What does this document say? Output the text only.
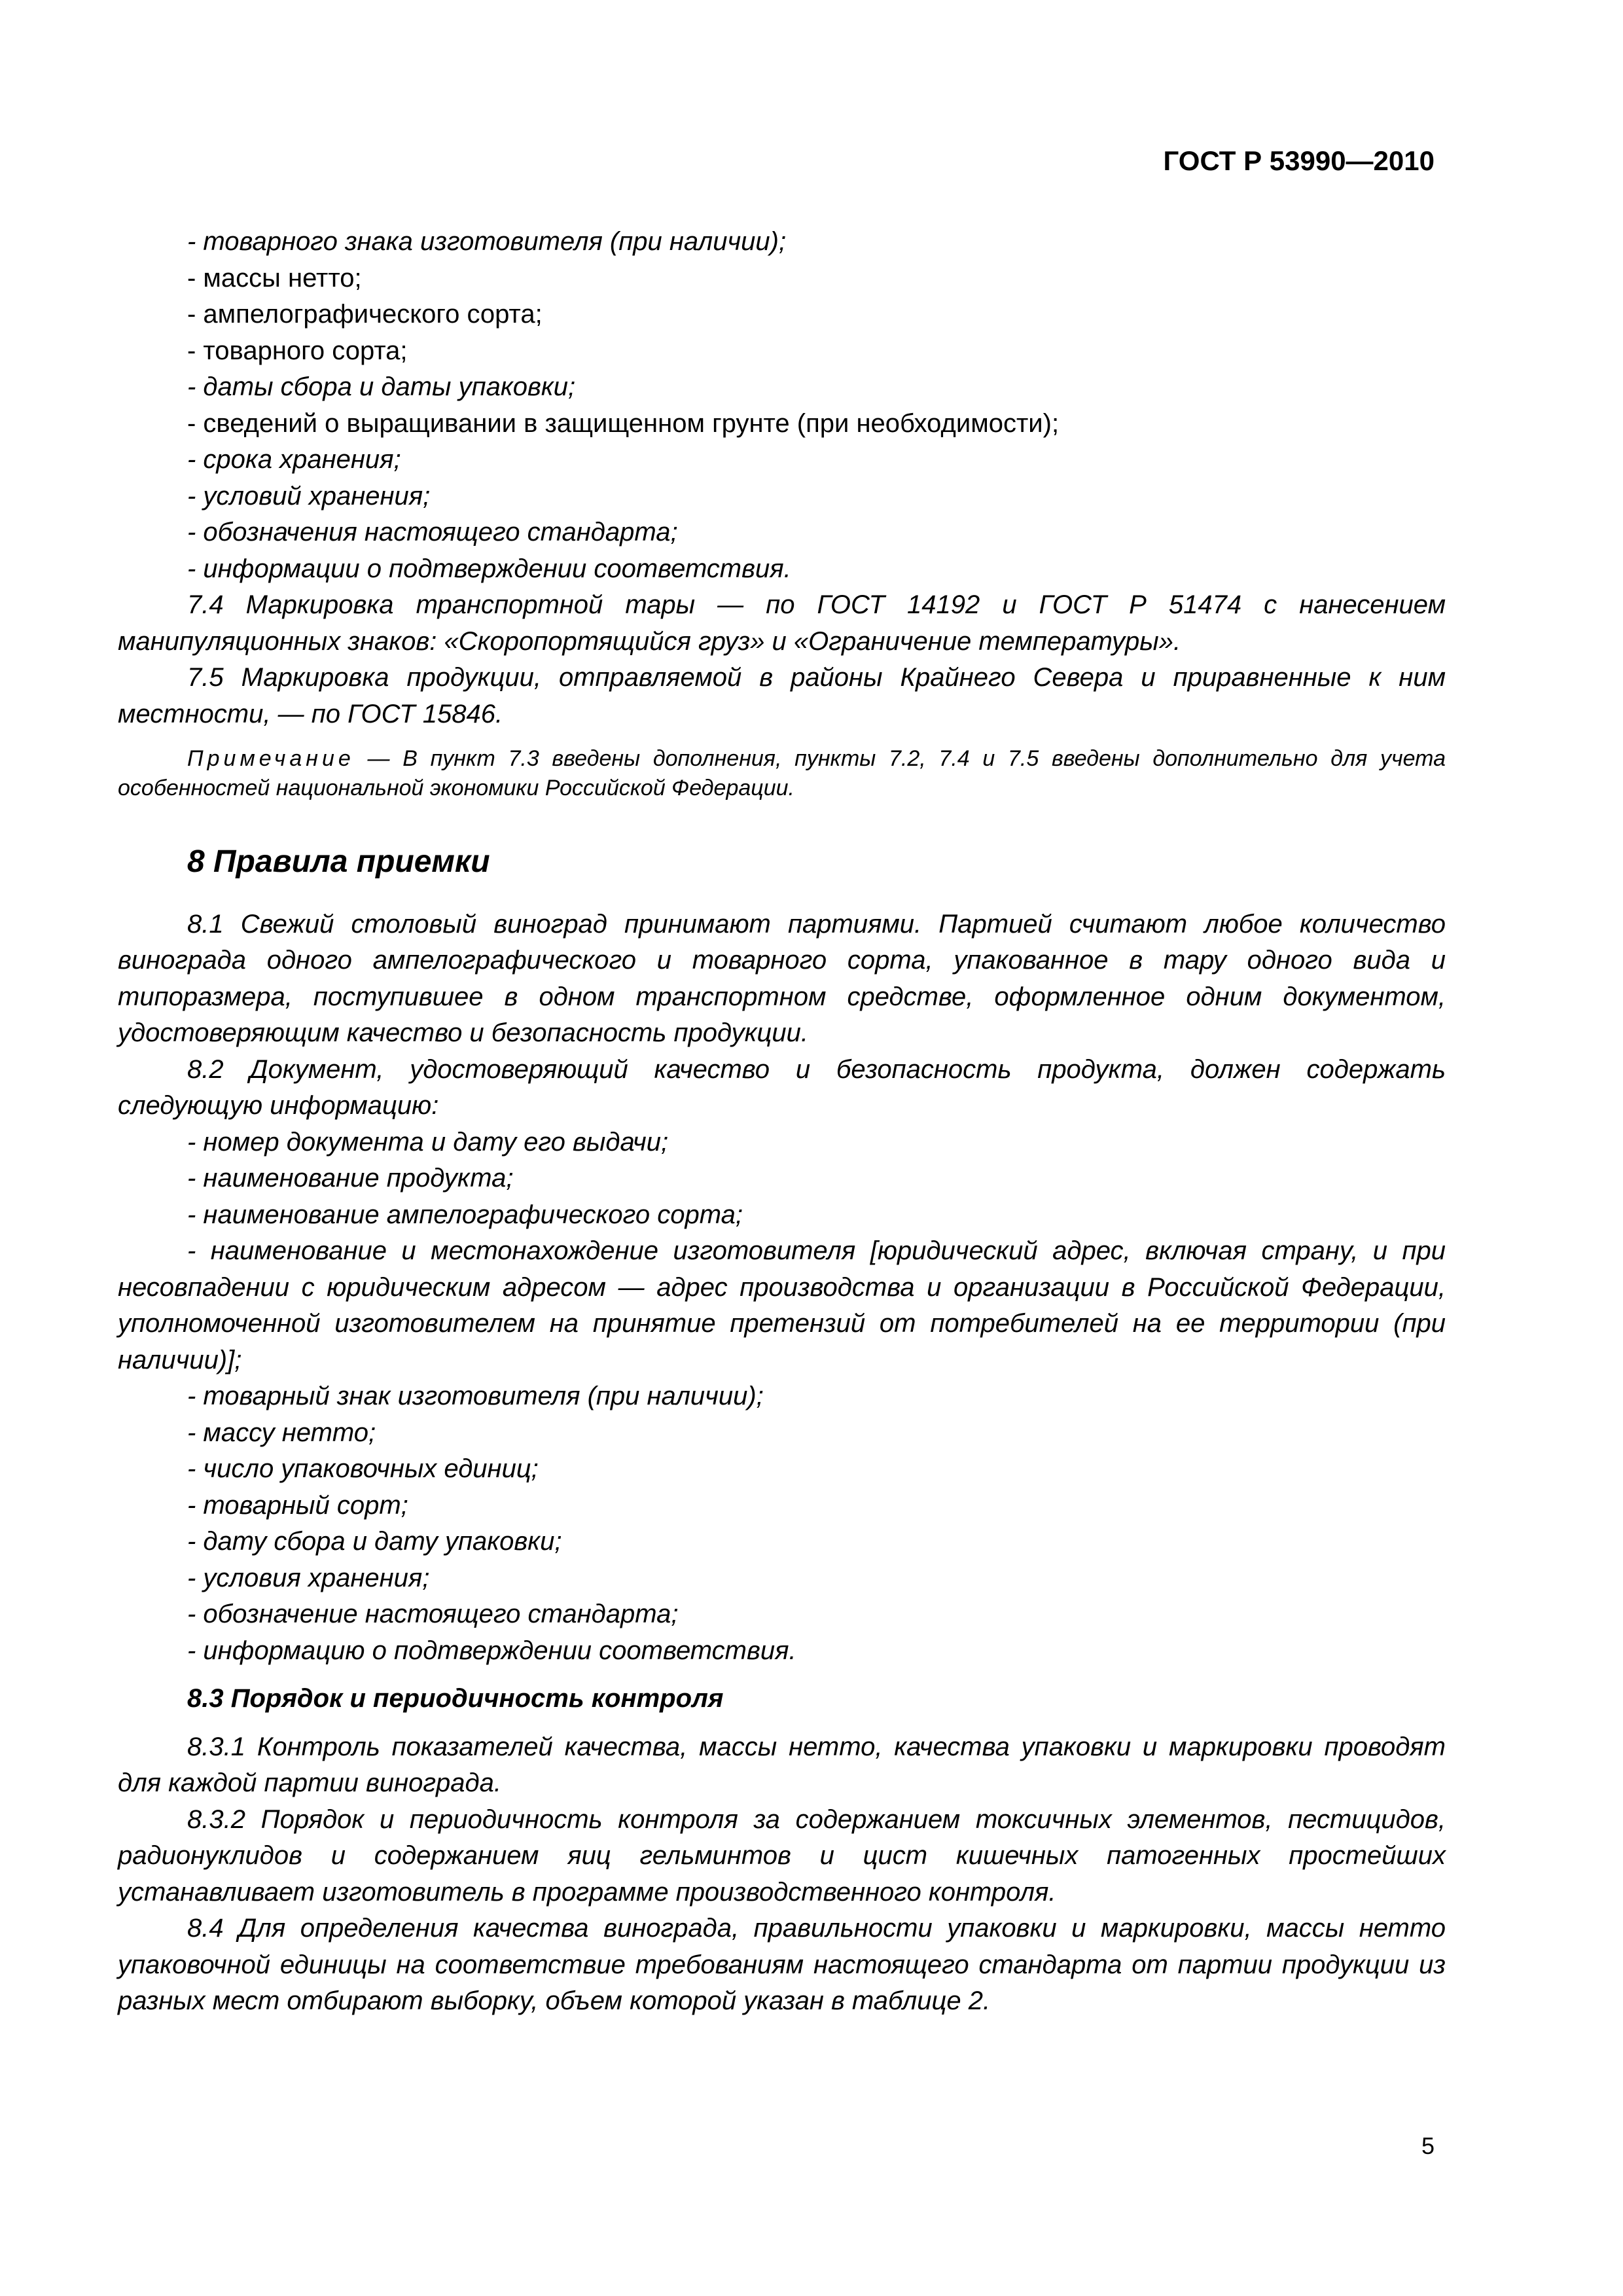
ГОСТ Р 53990—2010
- товарного знака изготовителя (при наличии);
- массы нетто;
- ампелографического сорта;
- товарного сорта;
- даты сбора и даты упаковки;
- сведений о выращивании в защищенном грунте (при необходимости);
- срока хранения;
- условий хранения;
- обозначения настоящего стандарта;
- информации о подтверждении соответствия.

7.4 Маркировка транспортной тары — по ГОСТ 14192 и ГОСТ Р 51474 с нанесением манипуляционных знаков: «Скоропортящийся груз» и «Ограничение температуры».

7.5 Маркировка продукции, отправляемой в районы Крайнего Севера и приравненные к ним местности, — по ГОСТ 15846.

Примечание — В пункт 7.3 введены дополнения, пункты 7.2, 7.4 и 7.5 введены дополнительно для учета особенностей национальной экономики Российской Федерации.

8 Правила приемки

8.1 Свежий столовый виноград принимают партиями. Партией считают любое количество винограда одного ампелографического и товарного сорта, упакованное в тару одного вида и типоразмера, поступившее в одном транспортном средстве, оформленное одним документом, удостоверяющим качество и безопасность продукции.

8.2 Документ, удостоверяющий качество и безопасность продукта, должен содержать следующую информацию:

- номер документа и дату его выдачи;
- наименование продукта;
- наименование ампелографического сорта;

- наименование и местонахождение изготовителя [юридический адрес, включая страну, и при несовпадении с юридическим адресом — адрес производства и организации в Российской Федерации, уполномоченной изготовителем на принятие претензий от потребителей на ее территории (при наличии)];

- товарный знак изготовителя (при наличии);
- массу нетто;
- число упаковочных единиц;
- товарный сорт;
- дату сбора и дату упаковки;
- условия хранения;
- обозначение настоящего стандарта;
- информацию о подтверждении соответствия.
8.3 Порядок и периодичность контроля

8.3.1 Контроль показателей качества, массы нетто, качества упаковки и маркировки проводят для каждой партии винограда.

8.3.2 Порядок и периодичность контроля за содержанием токсичных элементов, пестицидов, радионуклидов и содержанием яиц гельминтов и цист кишечных патогенных простейших устанавливает изготовитель в программе производственного контроля.

8.4 Для определения качества винограда, правильности упаковки и маркировки, массы нетто упаковочной единицы на соответствие требованиям настоящего стандарта от партии продукции из разных мест отбирают выборку, объем которой указан в таблице 2.

5
